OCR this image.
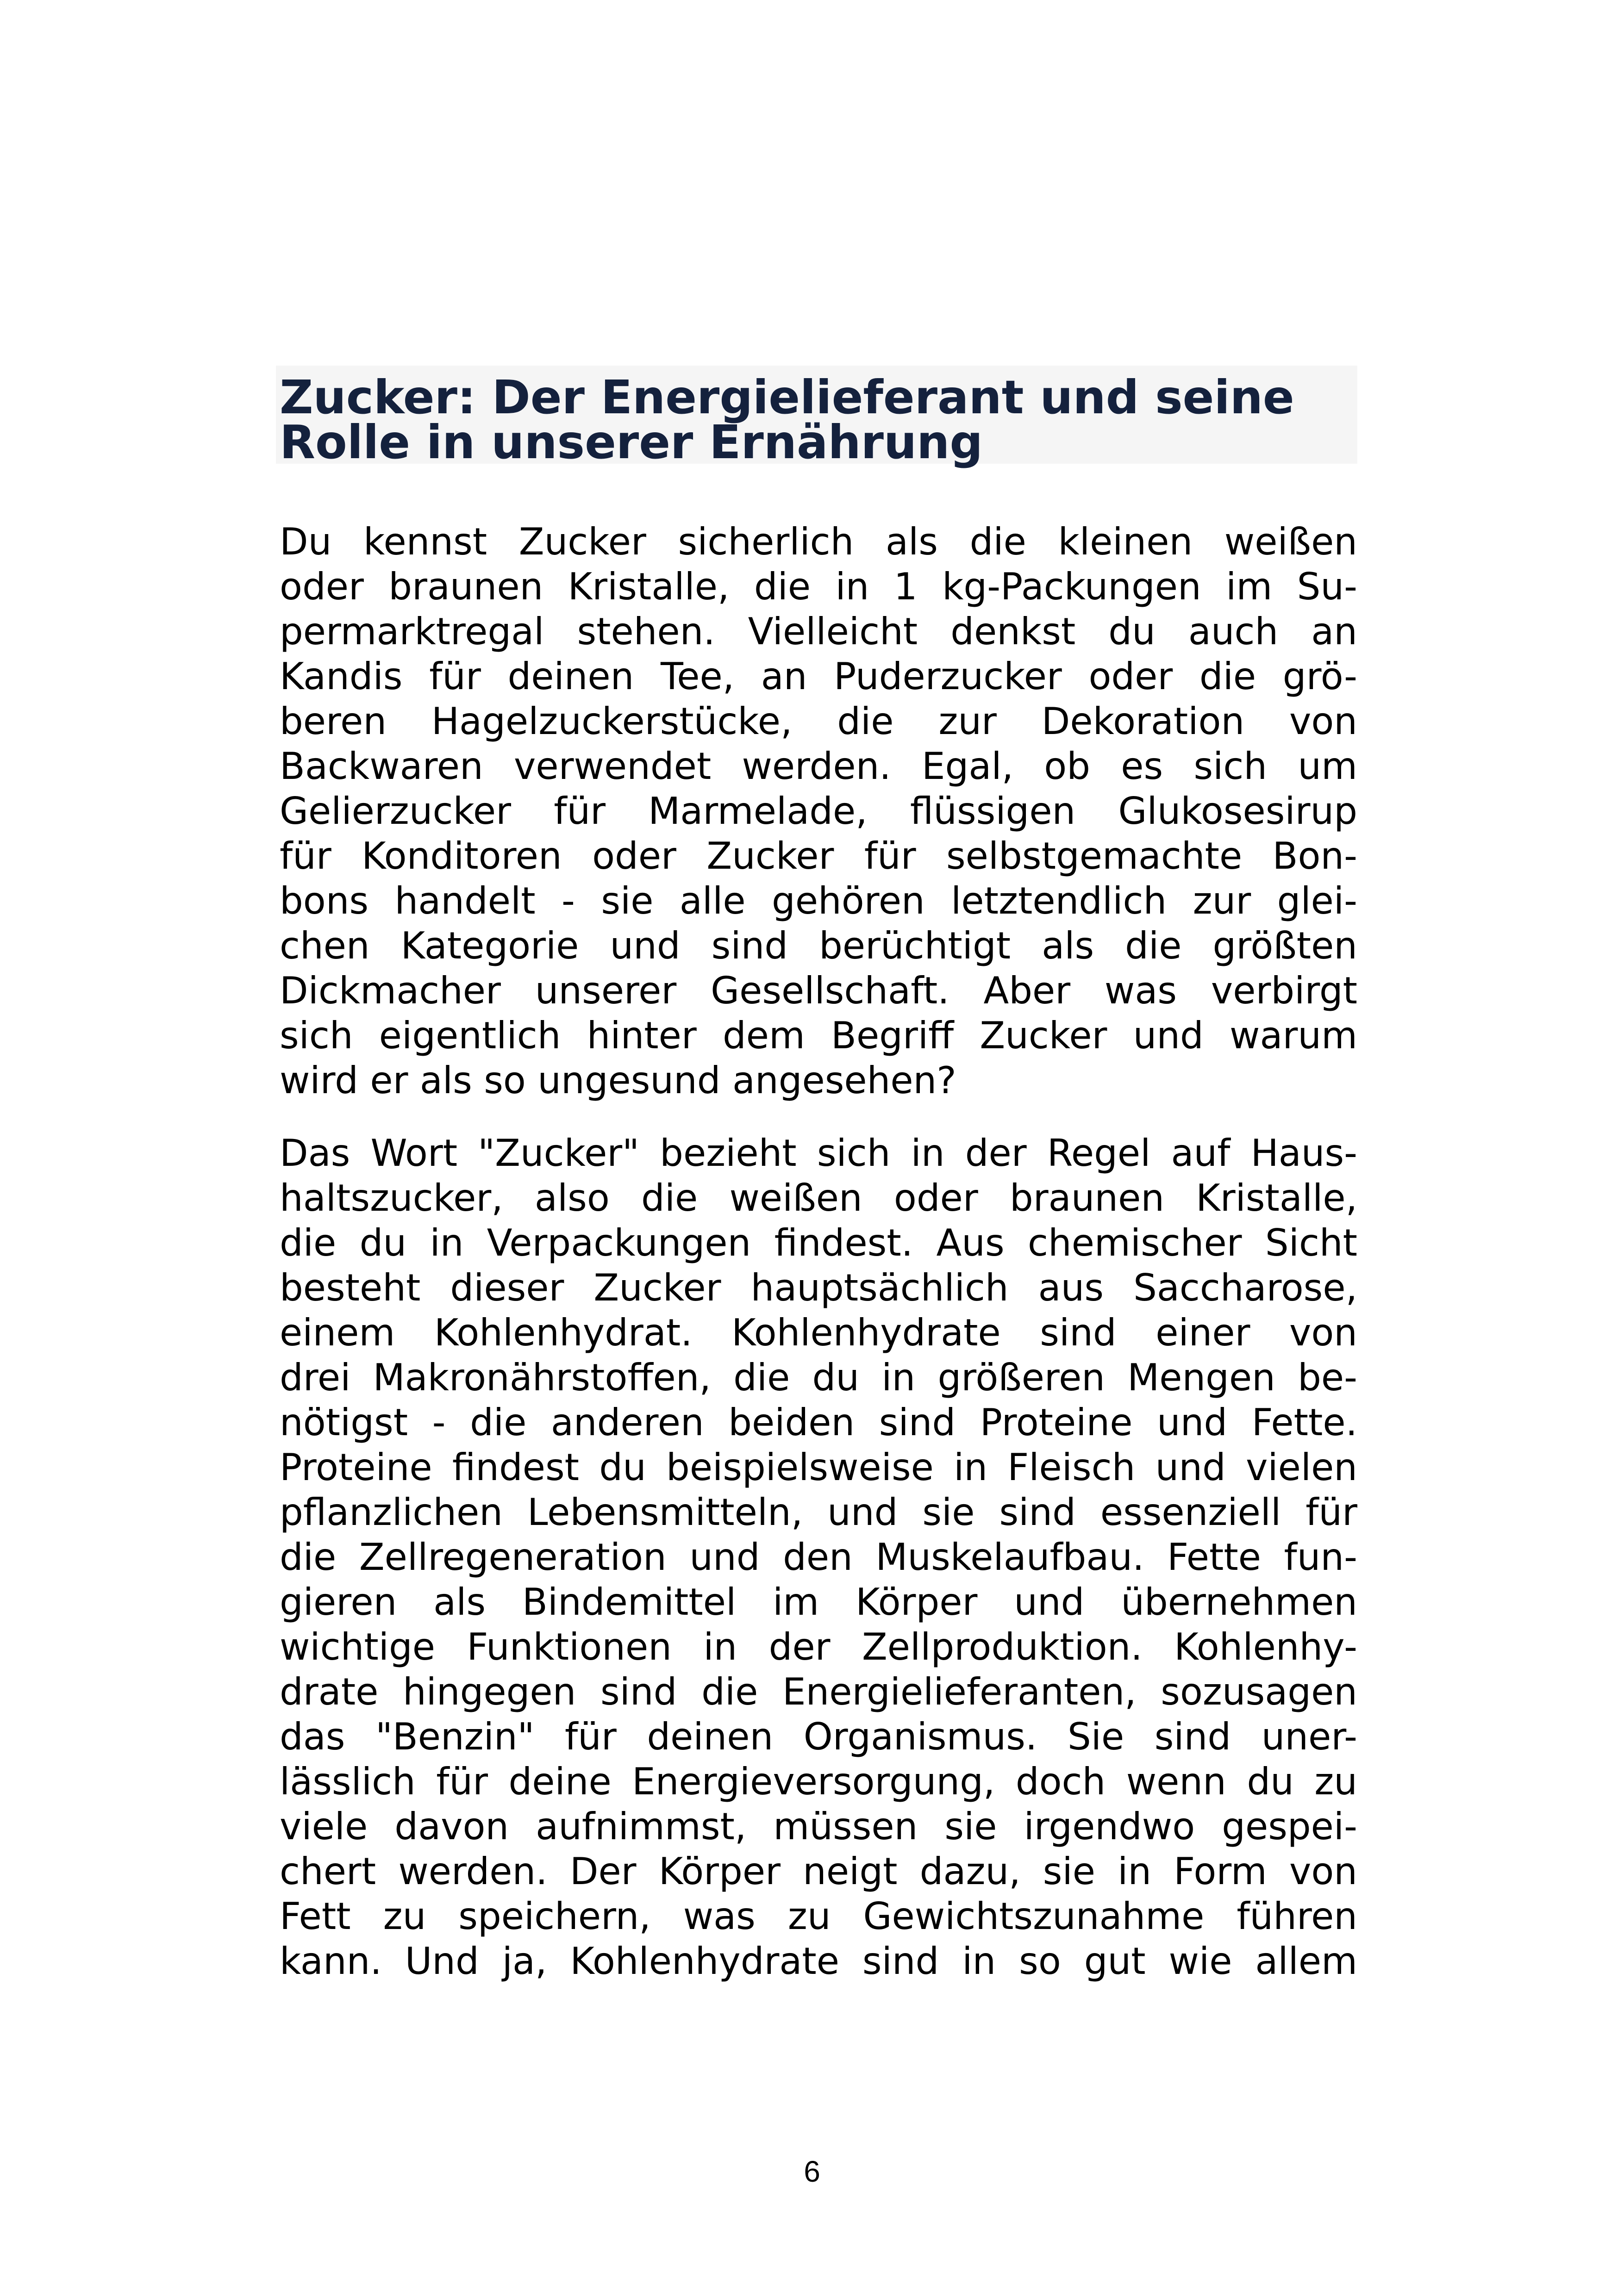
Zucker: Der Energielieferant und seine
Rolle in unserer Ernährung

Du kennst Zucker sicherlich als die kleinen weißen
oder braunen Kristalle, die in 1 kg-Packungen im Su-
permarktregal stehen. Vielleicht denkst du auch an
Kandis für deinen Tee, an Puderzucker oder die grö-
beren Hagelzuckerstücke, die zur Dekoration von
Backwaren verwendet werden. Egal, ob es sich um
Gelierzucker für Marmelade, flüssigen Glukosesirup
für Konditoren oder Zucker für selbstgemachte Bon-
bons handelt - sie alle gehören letztendlich zur glei-
chen Kategorie und sind berüchtigt als die größten
Dickmacher unserer Gesellschaft. Aber was verbirgt
sich eigentlich hinter dem Begriff Zucker und warum
wird er als so ungesund angesehen?

Das Wort "Zucker" bezieht sich in der Regel auf Haus-
haltszucker, also die weißen oder braunen Kristalle,
die du in Verpackungen findest. Aus chemischer Sicht
besteht dieser Zucker hauptsächlich aus Saccharose,
einem Kohlenhydrat. Kohlenhydrate sind einer von
drei Makronährstoffen, die du in größeren Mengen be-
nötigst - die anderen beiden sind Proteine und Fette.
Proteine findest du beispielsweise in Fleisch und vielen
pflanzlichen Lebensmitteln, und sie sind essenziell für
die Zellregeneration und den Muskelaufbau. Fette fun-
gieren als Bindemittel im Körper und übernehmen
wichtige Funktionen in der Zellproduktion. Kohlenhy-
drate hingegen sind die Energielieferanten, sozusagen
das "Benzin" für deinen Organismus. Sie sind uner-
lässlich für deine Energieversorgung, doch wenn du zu
viele davon aufnimmst, müssen sie irgendwo gespei-
chert werden. Der Körper neigt dazu, sie in Form von
Fett zu speichern, was zu Gewichtszunahme führen
kann. Und ja, Kohlenhydrate sind in so gut wie allem

6
